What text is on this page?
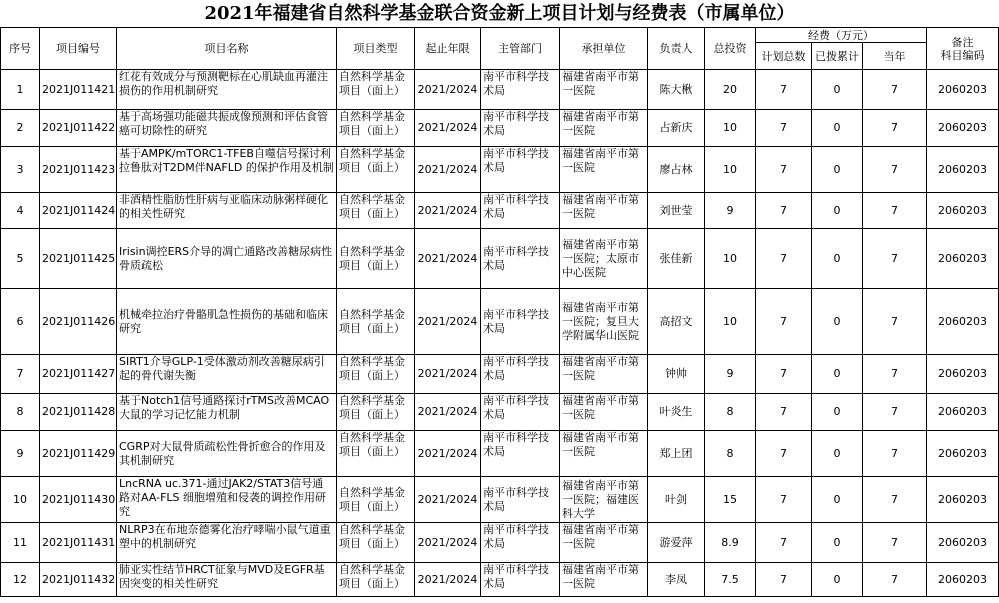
2021年福建省自然科学基金联合资金新上项目计划与经费表（市属单位）
序号	项目编号	项目名称	项目类型	起止年限	主管部门	承担单位	负责人	总投资	经费（万元）			备注
科目编码
									计划总数	已拨累计	当年	
1	2021J011421	红花有效成分与预测靶标在心肌缺血再灌注损伤的作用机制研究	自然科学基金项目（面上）	2021/2024	南平市科学技术局	福建省南平市第一医院	陈大楸	20	7	0	7	2060203
2	2021J011422	基于高场强功能磁共振成像预测和评估食管癌可切除性的研究	自然科学基金项目（面上）	2021/2024	南平市科学技术局	福建省南平市第一医院	占新庆	10	7	0	7	2060203
3	2021J011423	基于AMPK/mTORC1-TFEB自噬信号探讨利拉鲁肽对T2DM伴NAFLD 的保护作用及机制	自然科学基金项目（面上）	2021/2024	南平市科学技术局	福建省南平市第一医院	廖占林	10	7	0	7	2060203
4	2021J011424	非酒精性脂肪性肝病与亚临床动脉粥样硬化的相关性研究	自然科学基金项目（面上）	2021/2024	南平市科学技术局	福建省南平市第一医院	刘世莹	9	7	0	7	2060203
5	2021J011425	Irisin调控ERS介导的凋亡通路改善糖尿病性骨质疏松	自然科学基金项目（面上）	2021/2024	南平市科学技术局	福建省南平市第一医院；太原市中心医院	张佳新	10	7	0	7	2060203
6	2021J011426	机械牵拉治疗骨骼肌急性损伤的基础和临床研究	自然科学基金项目（面上）	2021/2024	南平市科学技术局	福建省南平市第一医院；复旦大学附属华山医院	高招文	10	7	0	7	2060203
7	2021J011427	SIRT1介导GLP-1受体激动剂改善糖尿病引起的骨代谢失衡	自然科学基金项目（面上）	2021/2024	南平市科学技术局	福建省南平市第一医院	钟帅	9	7	0	7	2060203
8	2021J011428	基于Notch1信号通路探讨rTMS改善MCAO大鼠的学习记忆能力机制	自然科学基金项目（面上）	2021/2024	南平市科学技术局	福建省南平市第一医院	叶炎生	8	7	0	7	2060203
9	2021J011429	CGRP对大鼠骨质疏松性骨折愈合的作用及其机制研究	自然科学基金项目（面上）	2021/2024	南平市科学技术局	福建省南平市第一医院	郑上团	8	7	0	7	2060203
10	2021J011430	LncRNA uc.371-通过JAK2/STAT3信号通路对AA-FLS 细胞增殖和侵袭的调控作用研究	自然科学基金项目（面上）	2021/2024	南平市科学技术局	福建省南平市第一医院；福建医科大学	叶剑	15	7	0	7	2060203
11	2021J011431	NLRP3在布地奈德雾化治疗哮喘小鼠气道重塑中的机制研究	自然科学基金项目（面上）	2021/2024	南平市科学技术局	福建省南平市第一医院	游爱萍	8.9	7	0	7	2060203
12	2021J011432	肺亚实性结节HRCT征象与MVD及EGFR基因突变的相关性研究	自然科学基金项目（面上）	2021/2024	南平市科学技术局	福建省南平市第一医院	李凤	7.5	7	0	7	2060203
